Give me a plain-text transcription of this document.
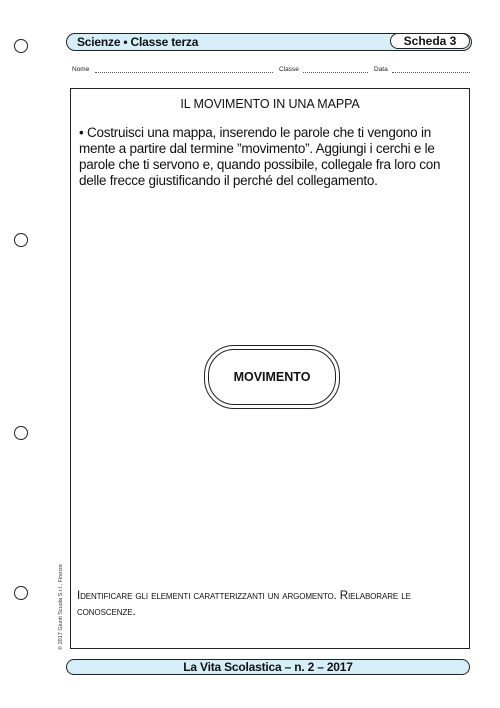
Scienze • Classe terza	Scheda 3
Nome	Classe	Data
IL MOVIMENTO IN UNA MAPPA
• Costruisci una mappa, inserendo le parole che ti vengono in mente a partire dal termine ”movimento”. Aggiungi i cerchi e le parole che ti servono e, quando possibile, collegale fra loro con delle frecce giustificando il perché del collegamento.
MOVIMENTO
Identificare gli elementi caratterizzanti un argomento. Rielaborare le conoscenze.
© 2017 Giunti Scuola S.r.l., Firenze
La Vita Scolastica – n. 2 – 2017
